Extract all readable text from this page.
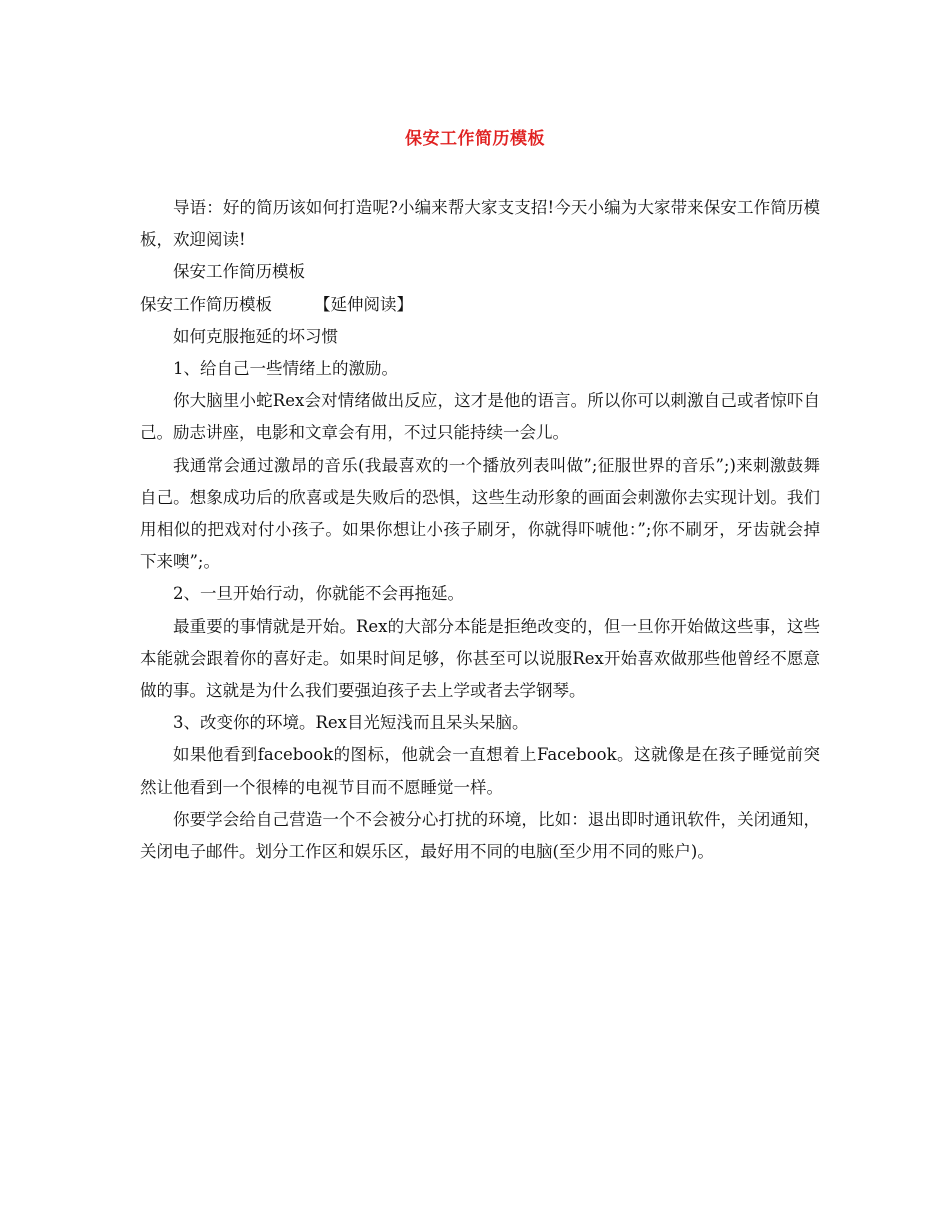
保安工作简历模板

导语：好的简历该如何打造呢?小编来帮大家支支招!今天小编为大家带来保安工作简历模板，欢迎阅读!

保安工作简历模板

保安工作简历模板	【延伸阅读】

如何克服拖延的坏习惯

1、给自己一些情绪上的激励。

你大脑里小蛇Rex会对情绪做出反应，这才是他的语言。所以你可以刺激自己或者惊吓自己。励志讲座，电影和文章会有用，不过只能持续一会儿。

我通常会通过激昂的音乐(我最喜欢的一个播放列表叫做”;征服世界的音乐”;)来刺激鼓舞自己。想象成功后的欣喜或是失败后的恐惧，这些生动形象的画面会刺激你去实现计划。我们用相似的把戏对付小孩子。如果你想让小孩子刷牙，你就得吓唬他：”;你不刷牙，牙齿就会掉下来噢”;。

2、一旦开始行动，你就能不会再拖延。

最重要的事情就是开始。Rex的大部分本能是拒绝改变的，但一旦你开始做这些事，这些本能就会跟着你的喜好走。如果时间足够，你甚至可以说服Rex开始喜欢做那些他曾经不愿意做的事。这就是为什么我们要强迫孩子去上学或者去学钢琴。

3、改变你的环境。Rex目光短浅而且呆头呆脑。

如果他看到facebook的图标，他就会一直想着上Facebook。这就像是在孩子睡觉前突然让他看到一个很棒的电视节目而不愿睡觉一样。

你要学会给自己营造一个不会被分心打扰的环境，比如：退出即时通讯软件，关闭通知，关闭电子邮件。划分工作区和娱乐区，最好用不同的电脑(至少用不同的账户)。
